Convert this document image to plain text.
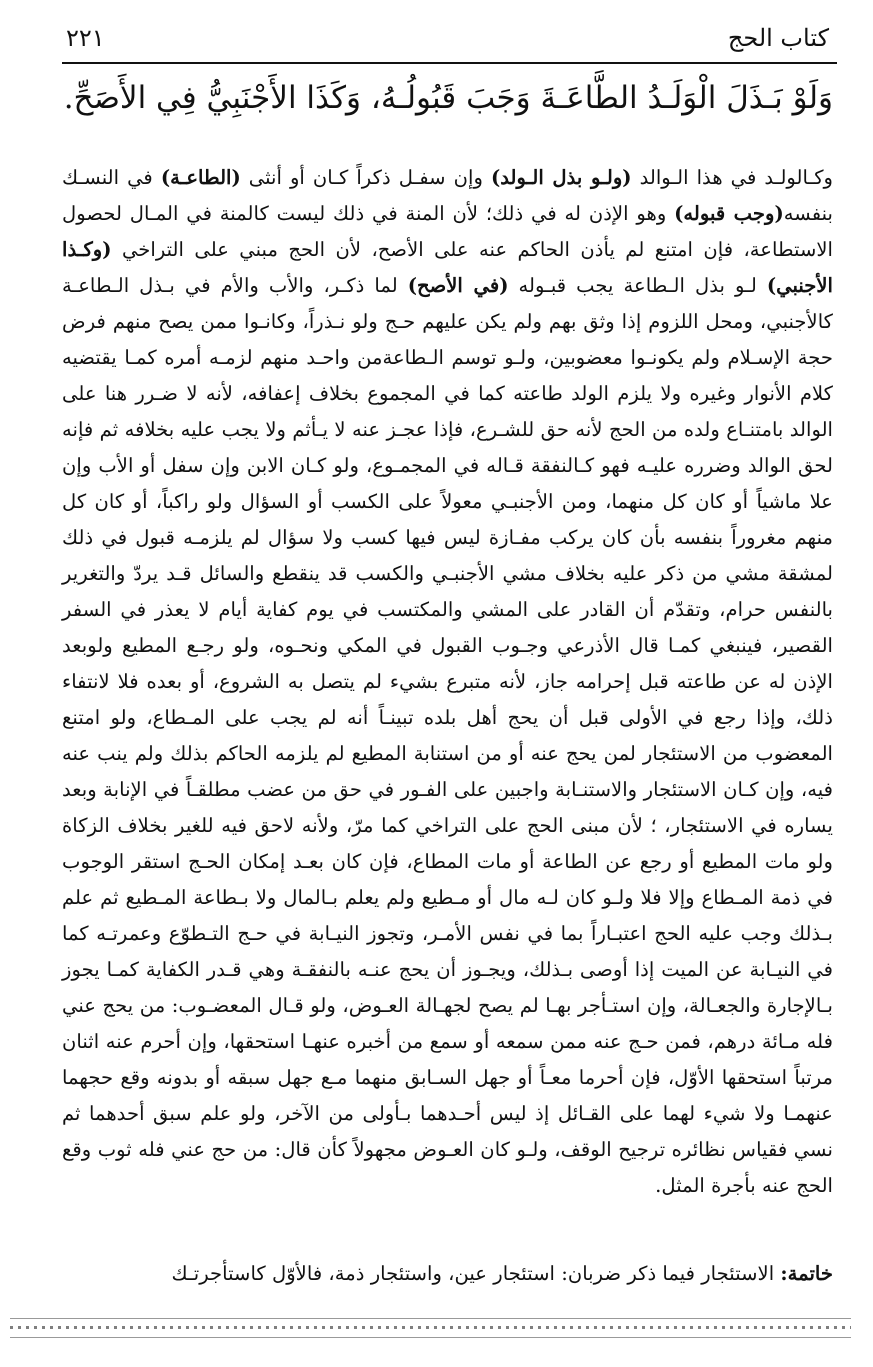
كتاب الحج
٢٢١

وَلَوْ بَـذَلَ الْوَلَـدُ الطَّاعَـةَ وَجَبَ قَبُولُـهُ، وَكَذَا الأَجْنَبِيُّ فِي الأَصَحِّ.

وكـالولـد في هذا الـوالد (ولـو بذل الـولد) وإن سفـل ذكراً كـان أو أنثى (الطاعـة) في النسـك بنفسه(وجب قبوله) وهو الإذن له في ذلك؛ لأن المنة في ذلك ليست كالمنة في المـال لحصول الاستطاعة، فإن امتنع لم يأذن الحاكم عنه على الأصح، لأن الحج مبني على التراخي (وكـذا الأجنبي) لـو بذل الـطاعة يجب قبـوله (في الأصح) لما ذكـر، والأب والأم في بـذل الـطاعـة كالأجنبي، ومحل اللزوم إذا وثق بهم ولم يكن عليهم حـج ولو نـذراً، وكانـوا ممن يصح منهم فرض حجة الإسـلام ولم يكونـوا معضوبين، ولـو توسم الـطاعةمن واحـد منهم لزمـه أمره كمـا يقتضيه كلام الأنوار وغيره ولا يلزم الولد طاعته كما في المجموع بخلاف إعفافه، لأنه لا ضـرر هنا على الوالد بامتنـاع ولده من الحج لأنه حق للشـرع، فإذا عجـز عنه لا يـأثم ولا يجب عليه بخلافه ثم فإنه لحق الوالد وضرره عليـه فهو كـالنفقة قـاله في المجمـوع، ولو كـان الابن وإن سفل أو الأب وإن علا ماشياً أو كان كل منهما، ومن الأجنبـي معولاً على الكسب أو السؤال ولو راكباً، أو كان كل منهم مغروراً بنفسه بأن كان يركب مفـازة ليس فيها كسب ولا سؤال لم يلزمـه قبول في ذلك لمشقة مشي من ذكر عليه بخلاف مشي الأجنبـي والكسب قد ينقطع والسائل قـد يردّ والتغرير بالنفس حرام، وتقدّم أن القادر على المشي والمكتسب في يوم كفاية أيام لا يعذر في السفر القصير، فينبغي كمـا قال الأذرعي وجـوب القبول في المكي ونحـوه، ولو رجـع المطيع ولوبعد الإذن له عن طاعته قبل إحرامه جاز، لأنه متبرع بشيء لم يتصل به الشروع، أو بعده فلا لانتفاء ذلك، وإذا رجع في الأولى قبل أن يحج أهل بلده تبينـاً أنه لم يجب على المـطاع، ولو امتنع المعضوب من الاستئجار لمن يحج عنه أو من استنابة المطيع لم يلزمه الحاكم بذلك ولم ينب عنه فيه، وإن كـان الاستئجار والاستنـابة واجبين على الفـور في حق من عضب مطلقـاً في الإنابة وبعد يساره في الاستئجار، ؛ لأن مبنى الحج على التراخي كما مرّ، ولأنه لاحق فيه للغير بخلاف الزكاة ولو مات المطيع أو رجع عن الطاعة أو مات المطاع، فإن كان بعـد إمكان الحـج استقر الوجوب في ذمة المـطاع وإلا فلا ولـو كان لـه مال أو مـطيع ولم يعلم بـالمال ولا بـطاعة المـطيع ثم علم بـذلك وجب عليه الحج اعتبـاراً بما في نفس الأمـر، وتجوز النيـابة في حـج التـطوّع وعمرتـه كما في النيـابة عن الميت إذا أوصى بـذلك، ويجـوز أن يحج عنـه بالنفقـة وهي قـدر الكفاية كمـا يجوز بـالإجارة والجعـالة، وإن استـأجر بهـا لم يصح لجهـالة العـوض، ولو قـال المعضـوب: من يحج عني فله مـائة درهم، فمن حـج عنه ممن سمعه أو سمع من أخبره عنهـا استحقها، وإن أحرم عنه اثنان مرتباً استحقها الأوّل، فإن أحرما معـاً أو جهل السـابق منهما مـع جهل سبقه أو بدونه وقع حجهما عنهمـا ولا شيء لهما على القـائل إذ ليس أحـدهما بـأولى من الآخر، ولو علم سبق أحدهما ثم نسي فقياس نظائره ترجيح الوقف، ولـو كان العـوض مجهولاً كأن قال: من حج عني فله ثوب وقع الحج عنه بأجرة المثل.

خاتمة: الاستئجار فيما ذكر ضربان: استئجار عين، واستئجار ذمة، فالأوّل كاستأجرتـك
